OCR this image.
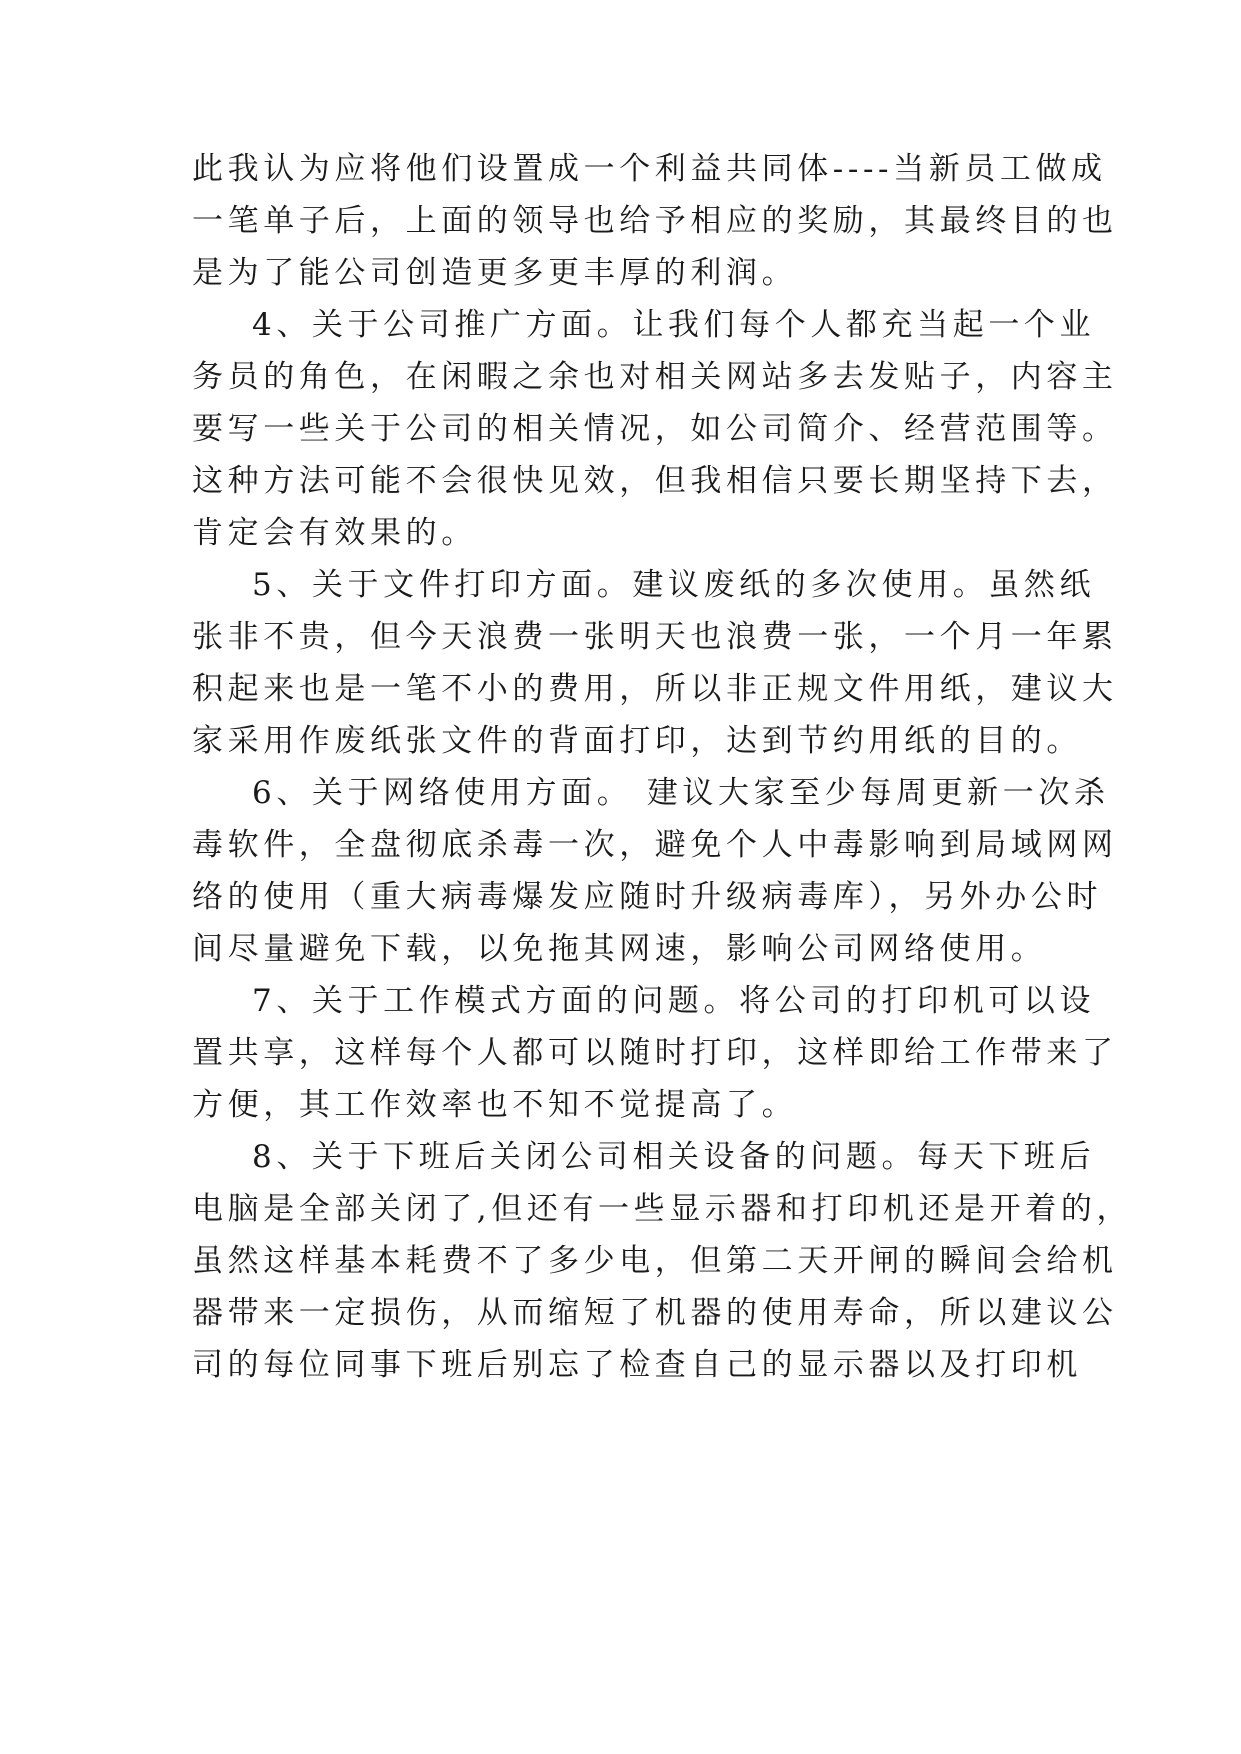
此我认为应将他们设置成一个利益共同体----当新员工做成
一笔单子后，上面的领导也给予相应的奖励，其最终目的也
是为了能公司创造更多更丰厚的利润。
4、关于公司推广方面。让我们每个人都充当起一个业
务员的角色，在闲暇之余也对相关网站多去发贴子，内容主
要写一些关于公司的相关情况，如公司简介、经营范围等。
这种方法可能不会很快见效，但我相信只要长期坚持下去，
肯定会有效果的。
5、关于文件打印方面。建议废纸的多次使用。虽然纸
张非不贵，但今天浪费一张明天也浪费一张，一个月一年累
积起来也是一笔不小的费用，所以非正规文件用纸，建议大
家采用作废纸张文件的背面打印，达到节约用纸的目的。
6、关于网络使用方面。 建议大家至少每周更新一次杀
毒软件，全盘彻底杀毒一次，避免个人中毒影响到局域网网
络的使用（重大病毒爆发应随时升级病毒库），另外办公时
间尽量避免下载，以免拖其网速，影响公司网络使用。
7、关于工作模式方面的问题。将公司的打印机可以设
置共享，这样每个人都可以随时打印，这样即给工作带来了
方便，其工作效率也不知不觉提高了。
8、关于下班后关闭公司相关设备的问题。每天下班后
电脑是全部关闭了,但还有一些显示器和打印机还是开着的，
虽然这样基本耗费不了多少电，但第二天开闸的瞬间会给机
器带来一定损伤，从而缩短了机器的使用寿命，所以建议公
司的每位同事下班后别忘了检查自己的显示器以及打印机
